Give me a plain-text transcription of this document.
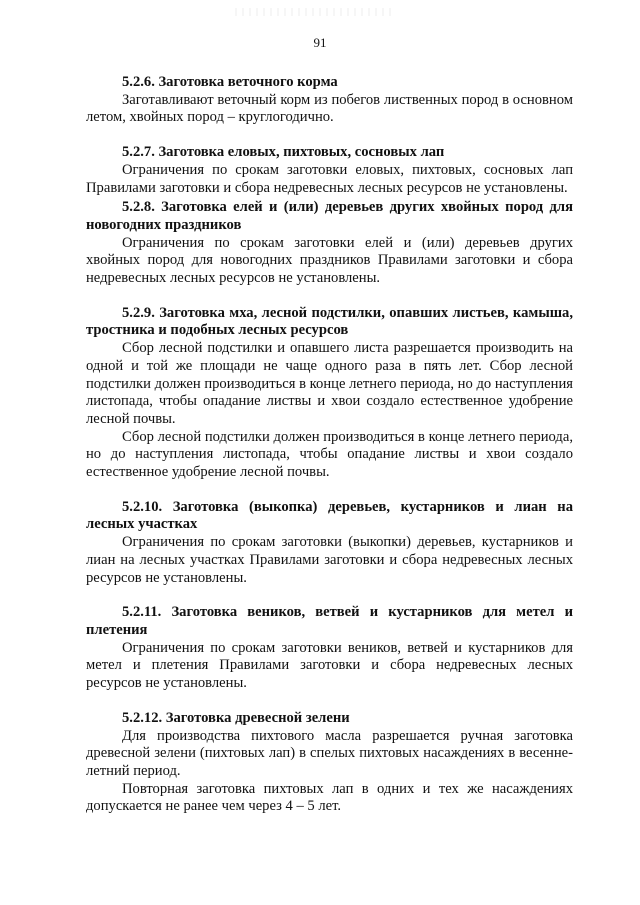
91
5.2.6. Заготовка веточного корма

Заготавливают веточный корм из побегов лиственных пород в основном летом, хвойных пород – круглогодично.

5.2.7. Заготовка еловых, пихтовых, сосновых лап

Ограничения по срокам заготовки еловых, пихтовых, сосновых лап Правилами заготовки и сбора недревесных лесных ресурсов не установлены.

5.2.8. Заготовка елей и (или) деревьев других хвойных пород для новогодних праздников

Ограничения по срокам заготовки елей и (или) деревьев других хвойных пород для новогодних праздников Правилами заготовки и сбора недревесных лесных ресурсов не установлены.

5.2.9. Заготовка мха, лесной подстилки, опавших листьев, камыша, тростника и подобных лесных ресурсов

Сбор лесной подстилки и опавшего листа разрешается производить на одной и той же площади не чаще одного раза в пять лет. Сбор лесной подстилки должен производиться в конце летнего периода, но до наступления листопада, чтобы опадание листвы и хвои создало естественное удобрение лесной почвы.

Сбор лесной подстилки должен производиться в конце летнего периода, но до наступления листопада, чтобы опадание листвы и хвои создало естественное удобрение лесной почвы.

5.2.10. Заготовка (выкопка) деревьев, кустарников и лиан на лесных участках

Ограничения по срокам заготовки (выкопки) деревьев, кустарников и лиан на лесных участках Правилами заготовки и сбора недревесных лесных ресурсов не установлены.

5.2.11. Заготовка веников, ветвей и кустарников для метел и плетения

Ограничения по срокам заготовки веников, ветвей и кустарников для метел и плетения Правилами заготовки и сбора недревесных лесных ресурсов не установлены.

5.2.12. Заготовка древесной зелени

Для производства пихтового масла разрешается ручная заготовка древесной зелени (пихтовых лап) в спелых пихтовых насаждениях в весенне-летний период.

Повторная заготовка пихтовых лап в одних и тех же насаждениях допускается не ранее чем через 4 – 5 лет.
